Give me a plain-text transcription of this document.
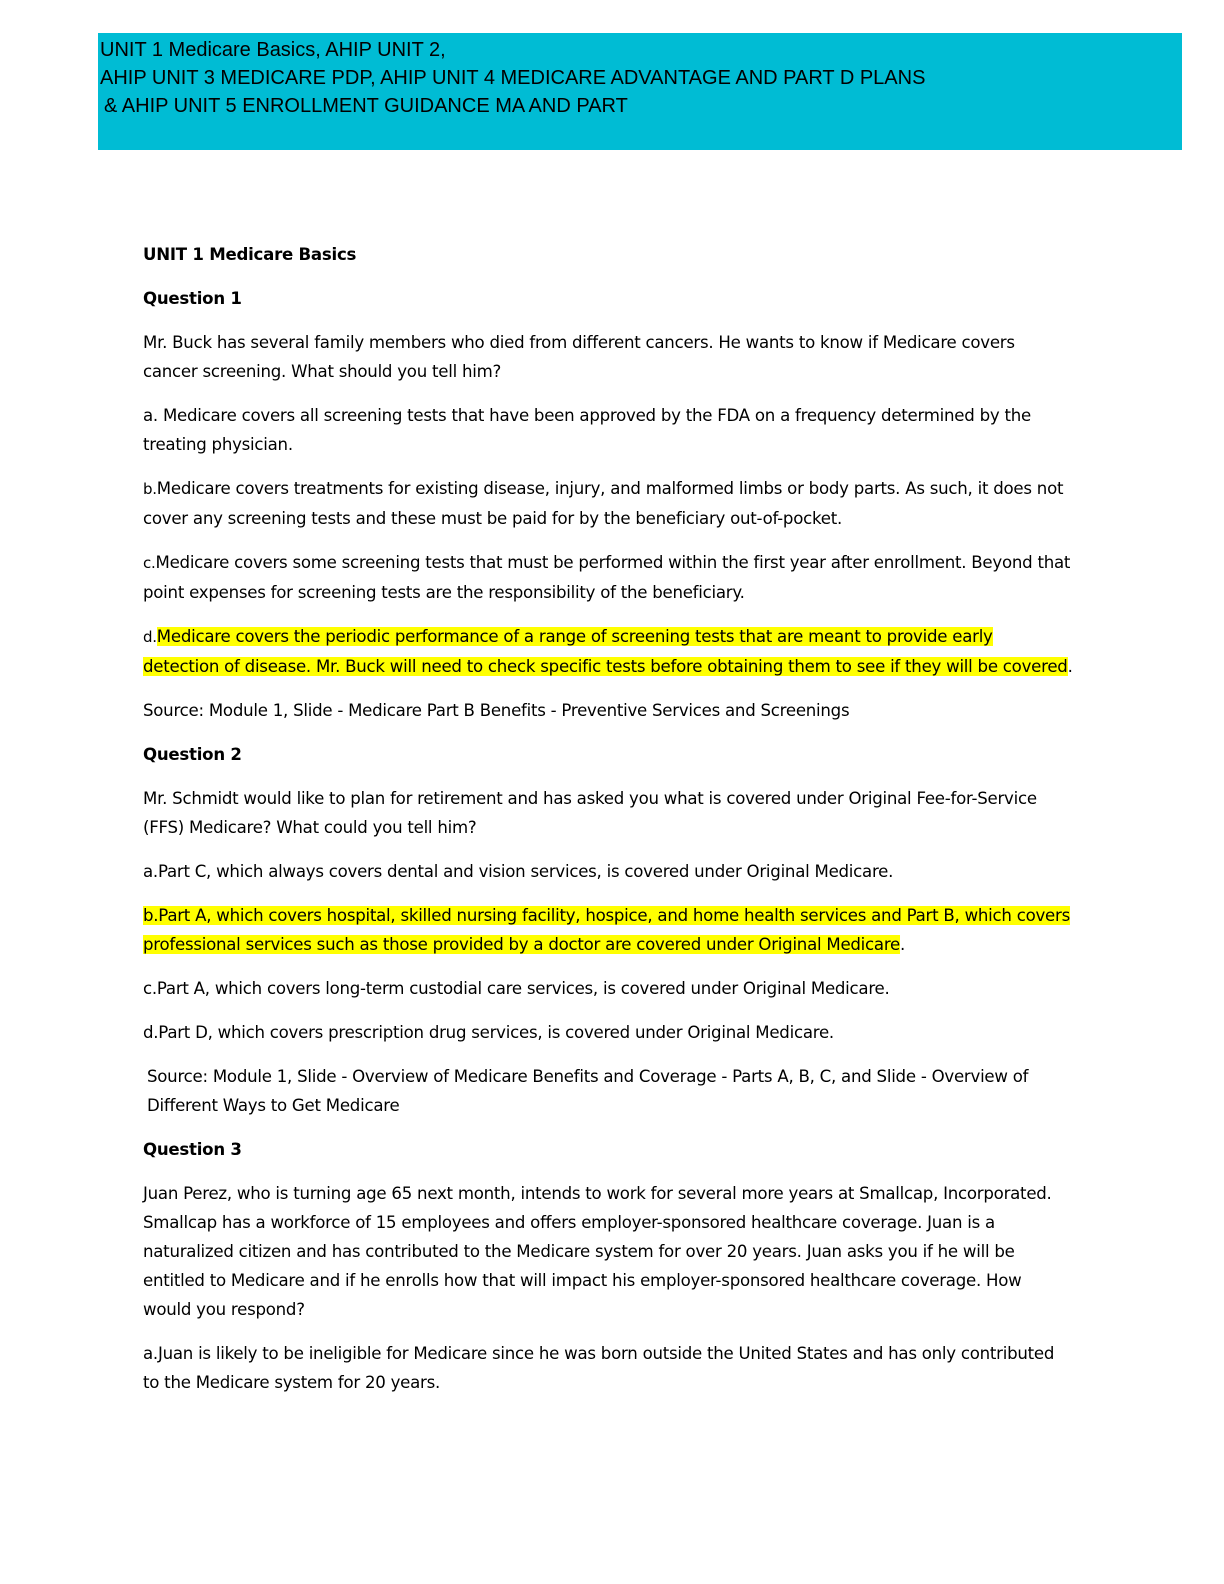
UNIT 1 Medicare Basics, AHIP UNIT 2,
AHIP UNIT 3 MEDICARE PDP, AHIP UNIT 4 MEDICARE ADVANTAGE AND PART D PLANS
& AHIP UNIT 5 ENROLLMENT GUIDANCE MA AND PART

UNIT 1 Medicare Basics

Question 1

Mr. Buck has several family members who died from different cancers. He wants to know if Medicare covers cancer screening. What should you tell him?

a. Medicare covers all screening tests that have been approved by the FDA on a frequency determined by the treating physician.

b.Medicare covers treatments for existing disease, injury, and malformed limbs or body parts. As such, it does not cover any screening tests and these must be paid for by the beneficiary out-of-pocket.

c.Medicare covers some screening tests that must be performed within the first year after enrollment. Beyond that point expenses for screening tests are the responsibility of the beneficiary.

d.Medicare covers the periodic performance of a range of screening tests that are meant to provide early detection of disease. Mr. Buck will need to check specific tests before obtaining them to see if they will be covered.

Source: Module 1, Slide - Medicare Part B Benefits - Preventive Services and Screenings

Question 2

Mr. Schmidt would like to plan for retirement and has asked you what is covered under Original Fee-for-Service (FFS) Medicare? What could you tell him?

a.Part C, which always covers dental and vision services, is covered under Original Medicare.

b.Part A, which covers hospital, skilled nursing facility, hospice, and home health services and Part B, which covers professional services such as those provided by a doctor are covered under Original Medicare.

c.Part A, which covers long-term custodial care services, is covered under Original Medicare.

d.Part D, which covers prescription drug services, is covered under Original Medicare.

Source: Module 1, Slide - Overview of Medicare Benefits and Coverage - Parts A, B, C, and Slide - Overview of Different Ways to Get Medicare

Question 3

Juan Perez, who is turning age 65 next month, intends to work for several more years at Smallcap, Incorporated. Smallcap has a workforce of 15 employees and offers employer-sponsored healthcare coverage. Juan is a naturalized citizen and has contributed to the Medicare system for over 20 years. Juan asks you if he will be entitled to Medicare and if he enrolls how that will impact his employer-sponsored healthcare coverage. How would you respond?

a.Juan is likely to be ineligible for Medicare since he was born outside the United States and has only contributed to the Medicare system for 20 years.
